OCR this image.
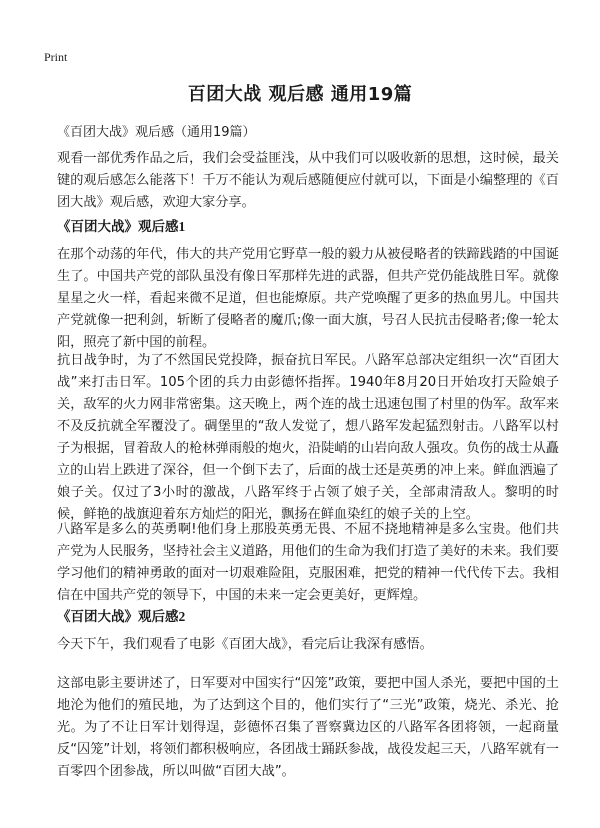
Print
百团大战 观后感 通用19篇

《百团大战》观后感（通用19篇）

观看一部优秀作品之后，我们会受益匪浅，从中我们可以吸收新的思想，这时候，最关键的观后感怎么能落下！千万不能认为观后感随便应付就可以，下面是小编整理的《百团大战》观后感，欢迎大家分享。

《百团大战》观后感1

在那个动荡的年代，伟大的共产党用它野草一般的毅力从被侵略者的铁蹄践踏的中国诞生了。中国共产党的部队虽没有像日军那样先进的武器，但共产党仍能战胜日军。就像星星之火一样，看起来微不足道，但也能燎原。共产党唤醒了更多的热血男儿。中国共产党就像一把利剑，斩断了侵略者的魔爪;像一面大旗，号召人民抗击侵略者;像一轮太阳，照亮了新中国的前程。

抗日战争时，为了不然国民党投降，振奋抗日军民。八路军总部决定组织一次“百团大战”来打击日军。105个团的兵力由彭德怀指挥。1940年8月20日开始攻打天险娘子关，敌军的火力网非常密集。这天晚上，两个连的战士迅速包围了村里的伪军。敌军来不及反抗就全军覆没了。碉堡里的“敌人发觉了，想八路军发起猛烈射击。八路军以村子为根据，冒着敌人的枪林弹雨般的炮火，沿陡峭的山岩向敌人强攻。负伤的战士从矗立的山岩上跌进了深谷，但一个倒下去了，后面的战士还是英勇的冲上来。鲜血洒遍了娘子关。仅过了3小时的激战，八路军终于占领了娘子关，全部肃清敌人。黎明的时候，鲜艳的战旗迎着东方灿烂的阳光，飘扬在鲜血染红的娘子关的上空。

八路军是多么的英勇啊!他们身上那股英勇无畏、不屈不挠地精神是多么宝贵。他们共产党为人民服务，坚持社会主义道路，用他们的生命为我们打造了美好的未来。我们要学习他们的精神勇敢的面对一切艰难险阻，克服困难，把党的精神一代代传下去。我相信在中国共产党的领导下，中国的未来一定会更美好，更辉煌。

《百团大战》观后感2

今天下午，我们观看了电影《百团大战》，看完后让我深有感悟。

这部电影主要讲述了，日军要对中国实行“囚笼”政策，要把中国人杀光，要把中国的土地沦为他们的殖民地，为了达到这个目的，他们实行了“三光”政策，烧光、杀光、抢光。为了不让日军计划得逞，彭德怀召集了晋察冀边区的八路军各团将领，一起商量反“囚笼”计划，将领们都积极响应，各团战士踊跃参战，战役发起三天，八路军就有一百零四个团参战，所以叫做“百团大战”。
